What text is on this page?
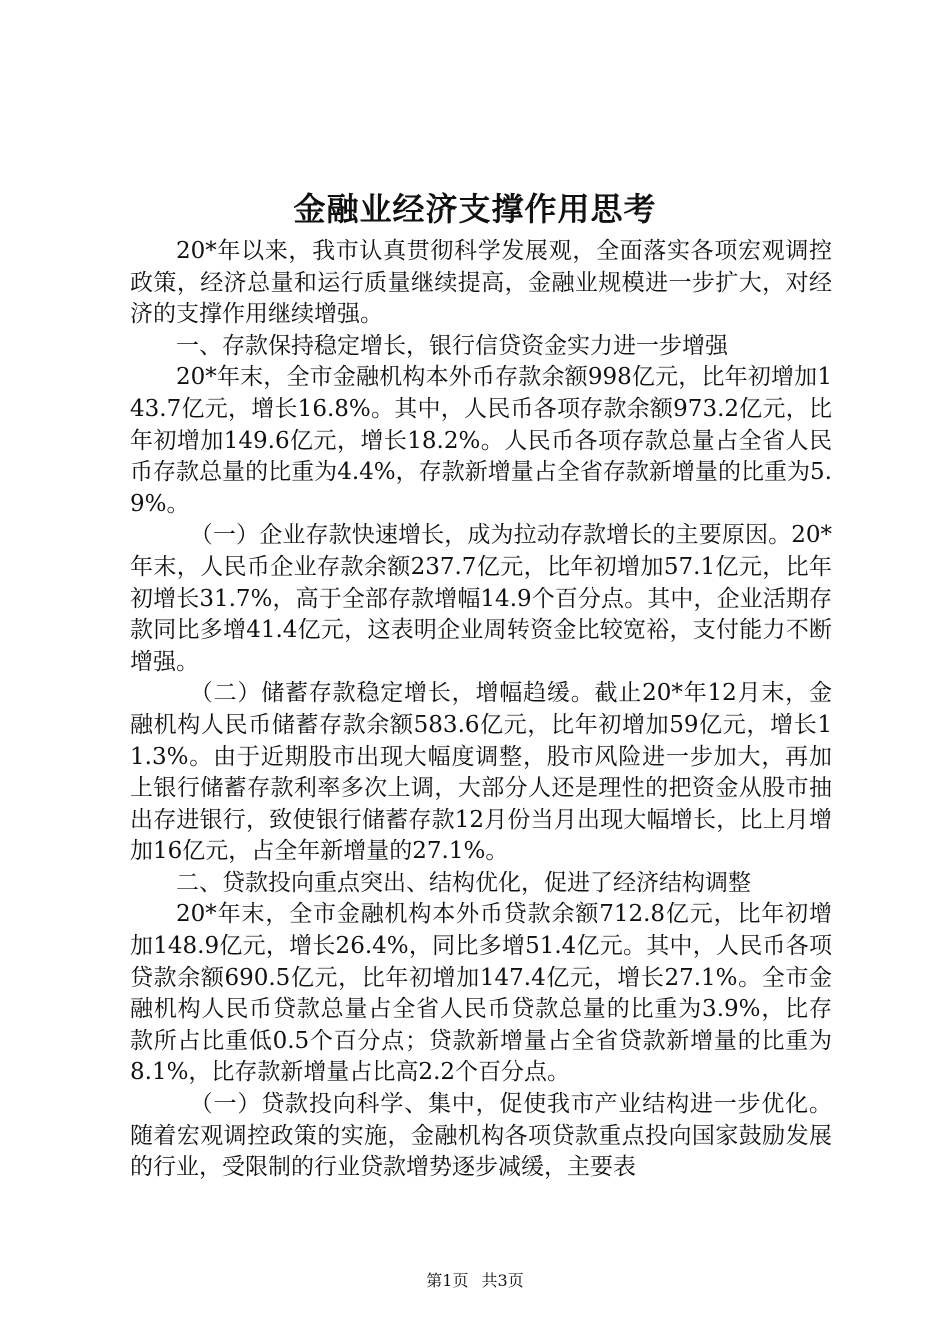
金融业经济支撑作用思考

20*年以来，我市认真贯彻科学发展观，全面落实各项宏观调控政策，经济总量和运行质量继续提高，金融业规模进一步扩大，对经济的支撑作用继续增强。

一、存款保持稳定增长，银行信贷资金实力进一步增强

20*年末，全市金融机构本外币存款余额998亿元，比年初增加143.7亿元，增长16.8%。其中，人民币各项存款余额973.2亿元，比年初增加149.6亿元，增长18.2%。人民币各项存款总量占全省人民币存款总量的比重为4.4%，存款新增量占全省存款新增量的比重为5.9%。

（一）企业存款快速增长，成为拉动存款增长的主要原因。20*年末，人民币企业存款余额237.7亿元，比年初增加57.1亿元，比年初增长31.7%，高于全部存款增幅14.9个百分点。其中，企业活期存款同比多增41.4亿元，这表明企业周转资金比较宽裕，支付能力不断增强。

（二）储蓄存款稳定增长，增幅趋缓。截止20*年12月末，金融机构人民币储蓄存款余额583.6亿元，比年初增加59亿元，增长11.3%。由于近期股市出现大幅度调整，股市风险进一步加大，再加上银行储蓄存款利率多次上调，大部分人还是理性的把资金从股市抽出存进银行，致使银行储蓄存款12月份当月出现大幅增长，比上月增加16亿元，占全年新增量的27.1%。

二、贷款投向重点突出、结构优化，促进了经济结构调整

20*年末，全市金融机构本外币贷款余额712.8亿元，比年初增加148.9亿元，增长26.4%，同比多增51.4亿元。其中，人民币各项贷款余额690.5亿元，比年初增加147.4亿元，增长27.1%。全市金融机构人民币贷款总量占全省人民币贷款总量的比重为3.9%，比存款所占比重低0.5个百分点；贷款新增量占全省贷款新增量的比重为8.1%，比存款新增量占比高2.2个百分点。

（一）贷款投向科学、集中，促使我市产业结构进一步优化。随着宏观调控政策的实施，金融机构各项贷款重点投向国家鼓励发展的行业，受限制的行业贷款增势逐步减缓，主要表

第1页 共3页
